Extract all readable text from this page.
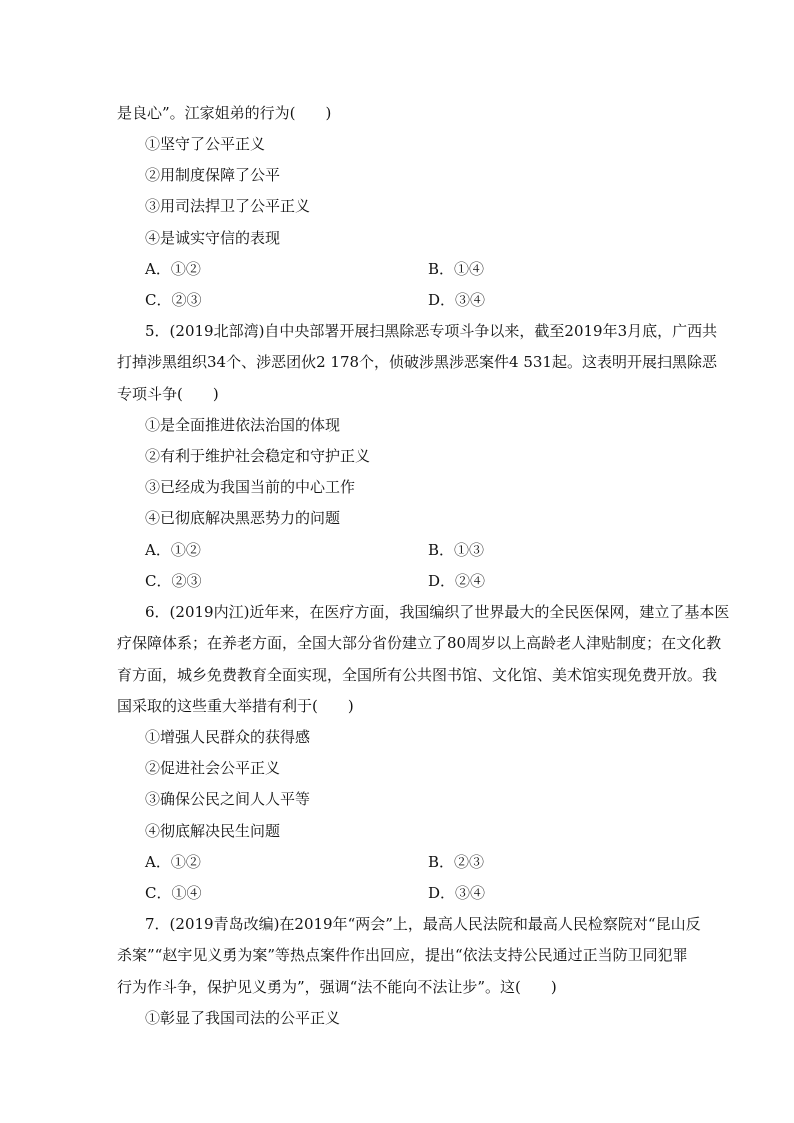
是良心”。江家姐弟的行为(　　)
①坚守了公平正义
②用制度保障了公平
③用司法捍卫了公平正义
④是诚实守信的表现
A．①②	B．①④
C．②③	D．③④
5．(2019北部湾)自中央部署开展扫黑除恶专项斗争以来，截至2019年3月底，广西共
打掉涉黑组织34个、涉恶团伙2 178个，侦破涉黑涉恶案件4 531起。这表明开展扫黑除恶
专项斗争(　　)
①是全面推进依法治国的体现
②有利于维护社会稳定和守护正义
③已经成为我国当前的中心工作
④已彻底解决黑恶势力的问题
A．①②	B．①③
C．②③	D．②④
6．(2019内江)近年来，在医疗方面，我国编织了世界最大的全民医保网，建立了基本医
疗保障体系；在养老方面，全国大部分省份建立了80周岁以上高龄老人津贴制度；在文化教
育方面，城乡免费教育全面实现，全国所有公共图书馆、文化馆、美术馆实现免费开放。我
国采取的这些重大举措有利于(　　)
①增强人民群众的获得感
②促进社会公平正义
③确保公民之间人人平等
④彻底解决民生问题
A．①②	B．②③
C．①④	D．③④
7．(2019青岛改编)在2019年“两会”上，最高人民法院和最高人民检察院对“昆山反
杀案”“赵宇见义勇为案”等热点案件作出回应，提出“依法支持公民通过正当防卫同犯罪
行为作斗争，保护见义勇为”，强调“法不能向不法让步”。这(　　)
①彰显了我国司法的公平正义
